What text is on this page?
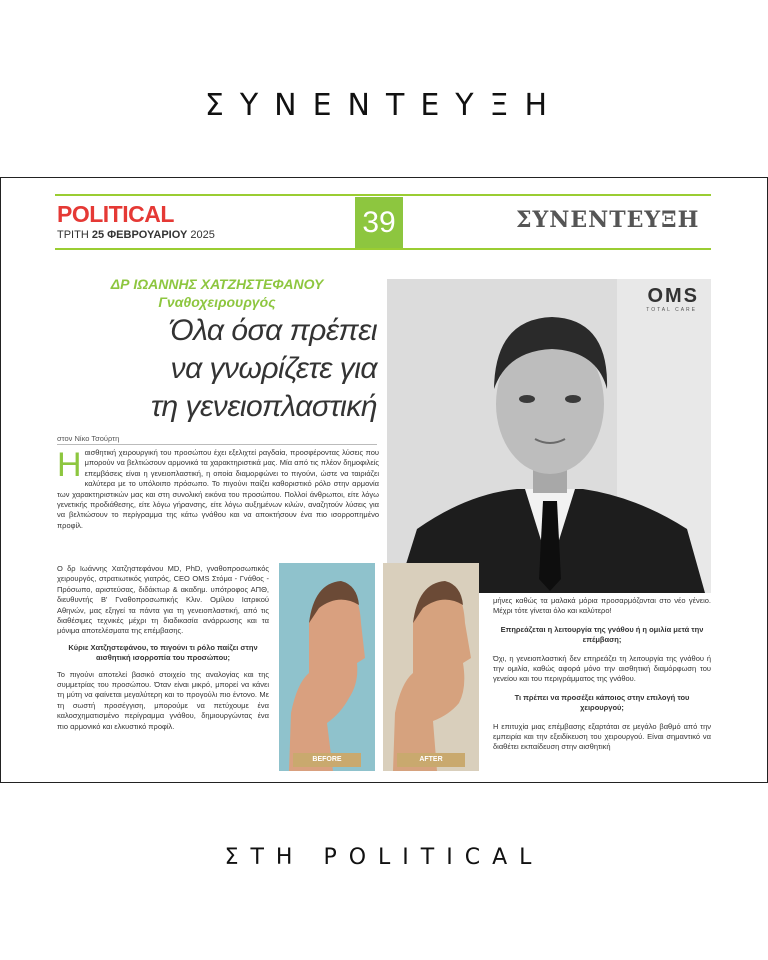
ΣΥΝΕΝΤΕΥΞΗ
POLITICAL
ΤΡΙΤΗ 25 ΦΕΒΡΟΥΑΡΙΟΥ 2025	39	ΣΥΝΕΝΤΕΥΞΗ
ΔΡ ΙΩΑΝΝΗΣ ΧΑΤΖΗΣΤΕΦΑΝΟΥ
Γναθοχειρουργός
Όλα όσα πρέπει
να γνωρίζετε για
τη γενειοπλαστική
στον Νίκο Τσούρτη
Η αισθητική χειρουργική του προσώπου έχει εξελιχτεί ραγδαία, προσφέροντας λύσεις που μπορούν να βελτιώσουν αρμονικά τα χαρακτηριστικά μας. Μία από τις πλέον δημοφιλείς επεμβάσεις είναι η γενειοπλαστική, η οποία διαμορφώνει το πιγούνι, ώστε να ταιριάζει καλύτερα με το υπόλοιπο πρόσωπο. Το πιγούνι παίζει καθοριστικό ρόλο στην αρμονία των χαρακτηριστικών μας και στη συνολική εικόνα του προσώπου. Πολλοί άνθρωποι, είτε λόγω γενετικής προδιάθεσης, είτε λόγω γήρανσης, είτε λόγω αυξημένων κιλών, αναζητούν λύσεις για να βελτιώσουν το περίγραμμα της κάτω γνάθου και να αποκτήσουν ένα πιο ισορροπημένο προφίλ.

Ο δρ Ιωάννης Χατζηστεφάνου MD, PhD, γναθοπροσωπικός χειρουργός, στρατιωτικός γιατρός, CEO OMS Στόμα - Γνάθος - Πρόσωπο, αριστεύσας, διδάκτωρ & ακαδημ. υπότροφος ΑΠΘ, διευθυντής Β' Γναθοπροσωπικής Κλιν. Ομίλου Ιατρικού Αθηνών, μας εξηγεί τα πάντα για τη γενειοπλαστική, από τις διαθέσιμες τεχνικές μέχρι τη διαδικασία ανάρρωσης και τα μόνιμα αποτελέσματα της επέμβασης.

Κύριε Χατζηστεφάνου, το πιγούνι τι ρόλο παίζει στην αισθητική ισορροπία του προσώπου;

Το πιγούνι αποτελεί βασικό στοιχείο της αναλογίας και της συμμετρίας του προσώπου. Όταν είναι μικρό, μπορεί να κάνει τη μύτη να φαίνεται μεγαλύτερη και το προγούλι πιο έντονο. Με τη σωστή προσέγγιση, μπορούμε να πετύχουμε ένα καλοσχηματισμένο περίγραμμα γνάθου, δημιουργώντας ένα πιο αρμονικό και ελκυστικό προφίλ.

OMS
TOTAL CARE
BEFORE	AFTER

μήνες καθώς τα μαλακά μόρια προσαρμόζονται στο νέο γένειο. Μέχρι τότε γίνεται όλο και καλύτερο!

Επηρεάζεται η λειτουργία της γνάθου ή η ομιλία μετά την επέμβαση;

Όχι, η γενειοπλαστική δεν επηρεάζει τη λειτουργία της γνάθου ή την ομιλία, καθώς αφορά μόνο την αισθητική διαμόρφωση του γενείου και του περιγράμματος της γνάθου.

Τι πρέπει να προσέξει κάποιος στην επιλογή του χειρουργού;

Η επιτυχία μιας επέμβασης εξαρτάται σε μεγάλο βαθμό από την εμπειρία και την εξειδίκευση του χειρουργού. Είναι σημαντικό να διαθέτει εκπαίδευση στην αισθητική

ΣΤΗ POLITICAL
